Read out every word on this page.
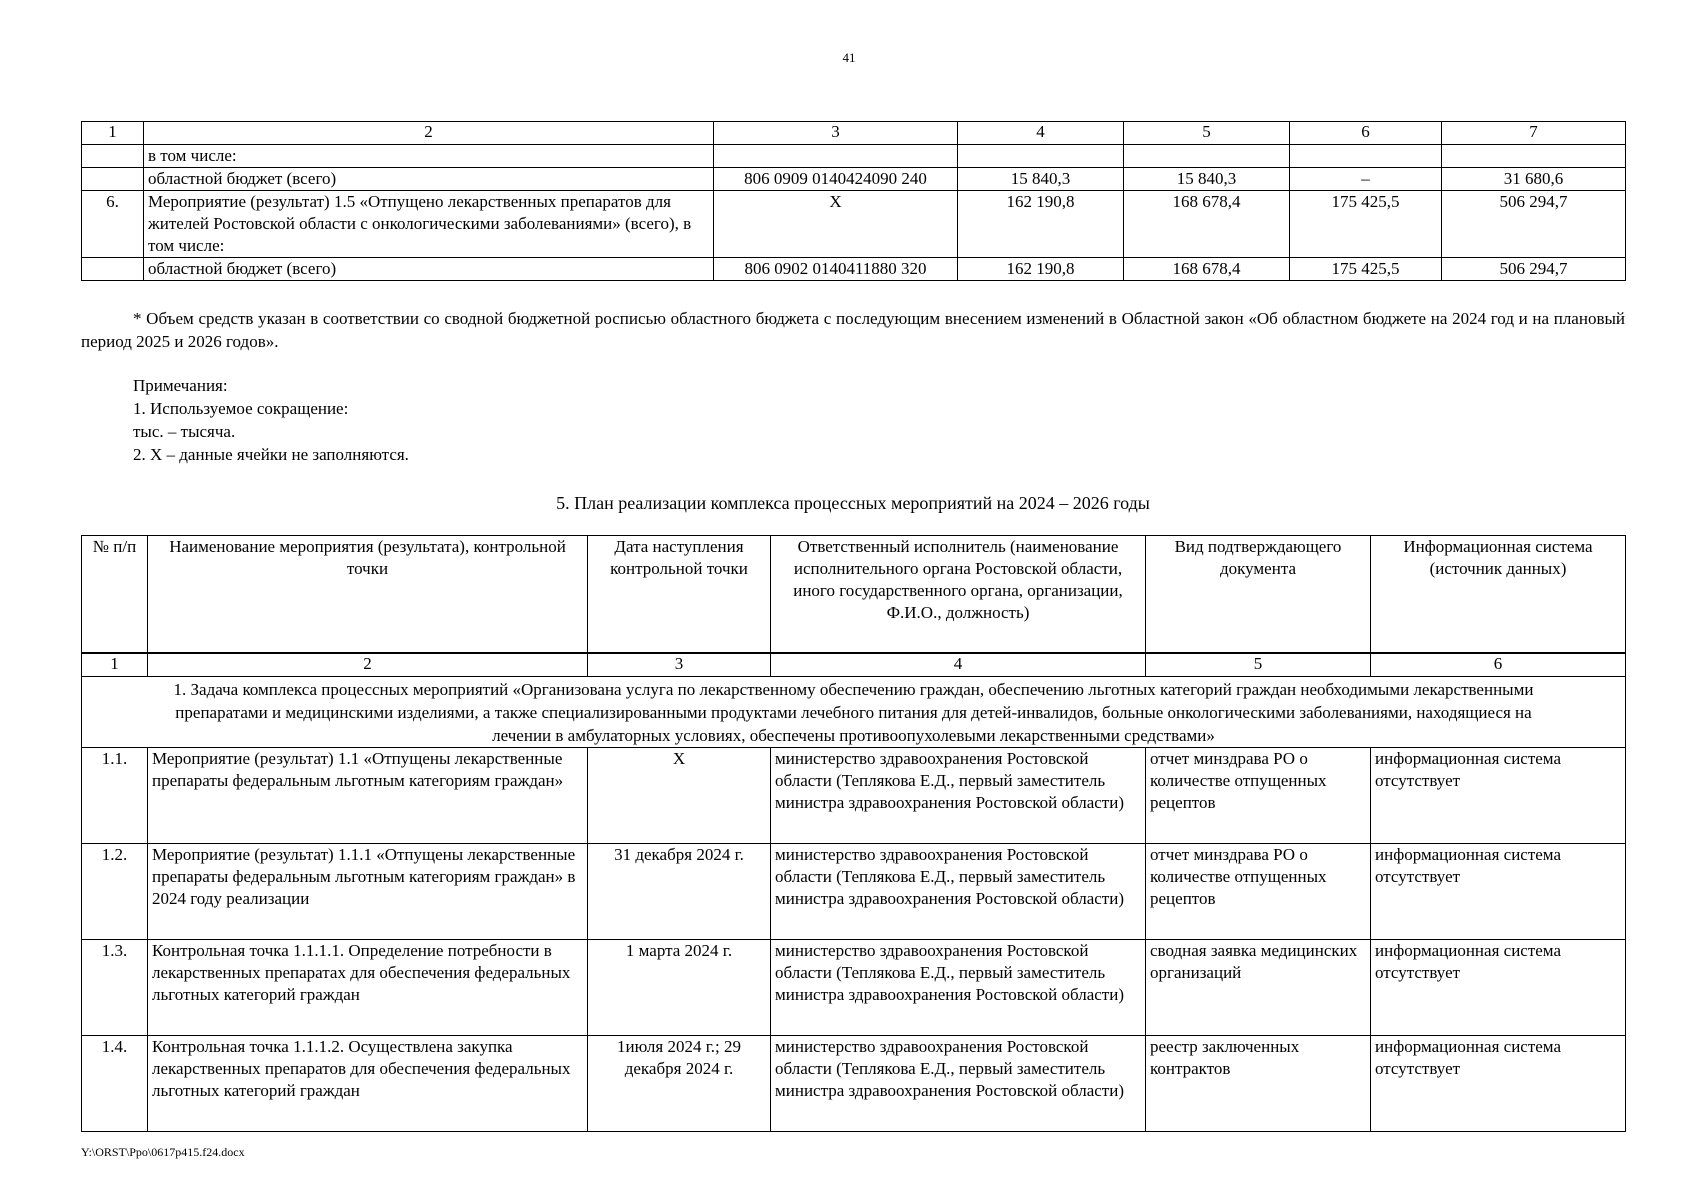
41
1	2	3	4	5	6	7
	в том числе:					
	областной бюджет (всего)	806 0909 0140424090 240	15 840,3	15 840,3	–	31 680,6
6.	Мероприятие (результат) 1.5 «Отпущено лекарственных препаратов для жителей Ростовской области с онкологическими заболеваниями» (всего), в том числе:	X	162 190,8	168 678,4	175 425,5	506 294,7
	областной бюджет (всего)	806 0902 0140411880 320	162 190,8	168 678,4	175 425,5	506 294,7
* Объем средств указан в соответствии со сводной бюджетной росписью областного бюджета с последующим внесением изменений в Областной закон «Об областном бюджете на 2024 год и на плановый период 2025 и 2026 годов».
Примечания:
1. Используемое сокращение:
тыс. – тысяча.
2. X – данные ячейки не заполняются.
5. План реализации комплекса процессных мероприятий на 2024 – 2026 годы
№ п/п	Наименование мероприятия (результата), контрольной точки	Дата наступления контрольной точки	Ответственный исполнитель (наименование исполнительного органа Ростовской области, иного государственного органа, организации, Ф.И.О., должность)	Вид подтверждающего документа	Информационная система (источник данных)
1	2	3	4	5	6
1. Задача комплекса процессных мероприятий «Организована услуга по лекарственному обеспечению граждан, обеспечению льготных категорий граждан необходимыми лекарственными препаратами и медицинскими изделиями, а также специализированными продуктами лечебного питания для детей-инвалидов, больные онкологическими заболеваниями, находящиеся на лечении в амбулаторных условиях, обеспечены противоопухолевыми лекарственными средствами»					
1.1.	Мероприятие (результат) 1.1 «Отпущены лекарственные препараты федеральным льготным категориям граждан»	X	министерство здравоохранения Ростовской области (Теплякова Е.Д., первый заместитель министра здравоохранения Ростовской области)	отчет минздрава РО о количестве отпущенных рецептов	информационная система отсутствует
1.2.	Мероприятие (результат) 1.1.1 «Отпущены лекарственные препараты федеральным льготным категориям граждан» в 2024 году реализации	31 декабря 2024 г.	министерство здравоохранения Ростовской области (Теплякова Е.Д., первый заместитель министра здравоохранения Ростовской области)	отчет минздрава РО о количестве отпущенных рецептов	информационная система отсутствует
1.3.	Контрольная точка 1.1.1.1. Определение потребности в лекарственных препаратах для обеспечения федеральных льготных категорий граждан	1 марта 2024 г.	министерство здравоохранения Ростовской области (Теплякова Е.Д., первый заместитель министра здравоохранения Ростовской области)	сводная заявка медицинских организаций	информационная система отсутствует
1.4.	Контрольная точка 1.1.1.2. Осуществлена закупка лекарственных препаратов для обеспечения федеральных льготных категорий граждан	1июля 2024 г.; 29 декабря 2024 г.	министерство здравоохранения Ростовской области (Теплякова Е.Д., первый заместитель министра здравоохранения Ростовской области)	реестр заключенных контрактов	информационная система отсутствует
Y:\ORST\Ppo\0617p415.f24.docx
